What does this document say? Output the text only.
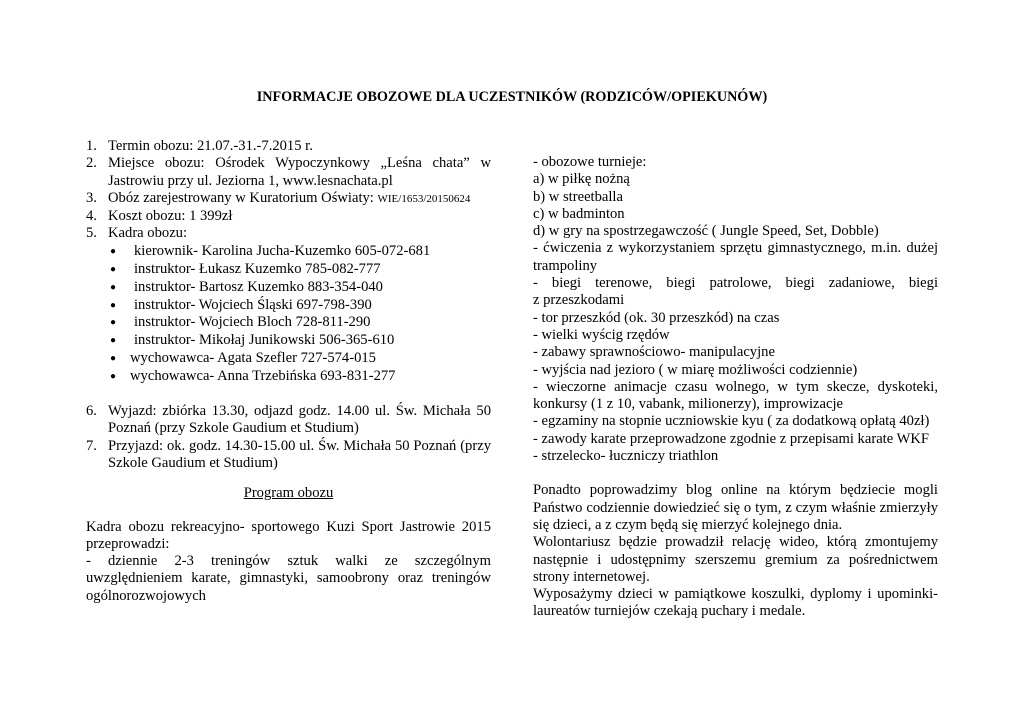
INFORMACJE OBOZOWE DLA UCZESTNIKÓW (RODZICÓW/OPIEKUNÓW)
1. Termin obozu: 21.07.-31.-7.2015 r.
2. Miejsce obozu: Ośrodek Wypoczynkowy „Leśna chata” w
Jastrowiu przy ul. Jeziorna 1, www.lesnachata.pl
3. Obóz zarejestrowany w Kuratorium Oświaty: WIE/1653/20150624
4. Koszt obozu: 1 399zł
5. Kadra obozu:
● kierownik- Karolina Jucha-Kuzemko 605-072-681
● instruktor- Łukasz Kuzemko 785-082-777
● instruktor- Bartosz Kuzemko 883-354-040
● instruktor- Wojciech Śląski 697-798-390
● instruktor- Wojciech Bloch 728-811-290
● instruktor- Mikołaj Junikowski 506-365-610
● wychowawca- Agata Szefler 727-574-015
● wychowawca- Anna Trzebińska 693-831-277
6. Wyjazd: zbiórka 13.30, odjazd godz. 14.00 ul. Św. Michała 50
Poznań (przy Szkole Gaudium et Studium)
7. Przyjazd: ok. godz. 14.30-15.00 ul. Św. Michała 50 Poznań (przy
Szkole Gaudium et Studium)

Program obozu

Kadra obozu rekreacyjno- sportowego Kuzi Sport Jastrowie 2015
przeprowadzi:
- dziennie 2-3 treningów sztuk walki ze szczególnym
uwzględnieniem karate, gimnastyki, samoobrony oraz treningów
ogólnorozwojowych

- obozowe turnieje:
a) w piłkę nożną
b) w streetballa
c) w badminton
d) w gry na spostrzegawczość ( Jungle Speed, Set, Dobble)
- ćwiczenia z wykorzystaniem sprzętu gimnastycznego, m.in. dużej
trampoliny
- biegi terenowe, biegi patrolowe, biegi zadaniowe, biegi
z przeszkodami
- tor przeszkód (ok. 30 przeszkód) na czas
- wielki wyścig rzędów
- zabawy sprawnościowo- manipulacyjne
- wyjścia nad jezioro ( w miarę możliwości codziennie)
- wieczorne animacje czasu wolnego, w tym skecze, dyskoteki,
konkursy (1 z 10, vabank, milionerzy), improwizacje
- egzaminy na stopnie uczniowskie kyu ( za dodatkową opłatą 40zł)
- zawody karate przeprowadzone zgodnie z przepisami karate WKF
- strzelecko- łuczniczy triathlon
Ponadto poprowadzimy blog online na którym będziecie mogli
Państwo codziennie dowiedzieć się o tym, z czym właśnie zmierzyły
się dzieci, a z czym będą się mierzyć kolejnego dnia.
Wolontariusz będzie prowadził relację wideo, którą zmontujemy
następnie i udostępnimy szerszemu gremium za pośrednictwem
strony internetowej.
Wyposażymy dzieci w pamiątkowe koszulki, dyplomy i upominki-
laureatów turniejów czekają puchary i medale.
